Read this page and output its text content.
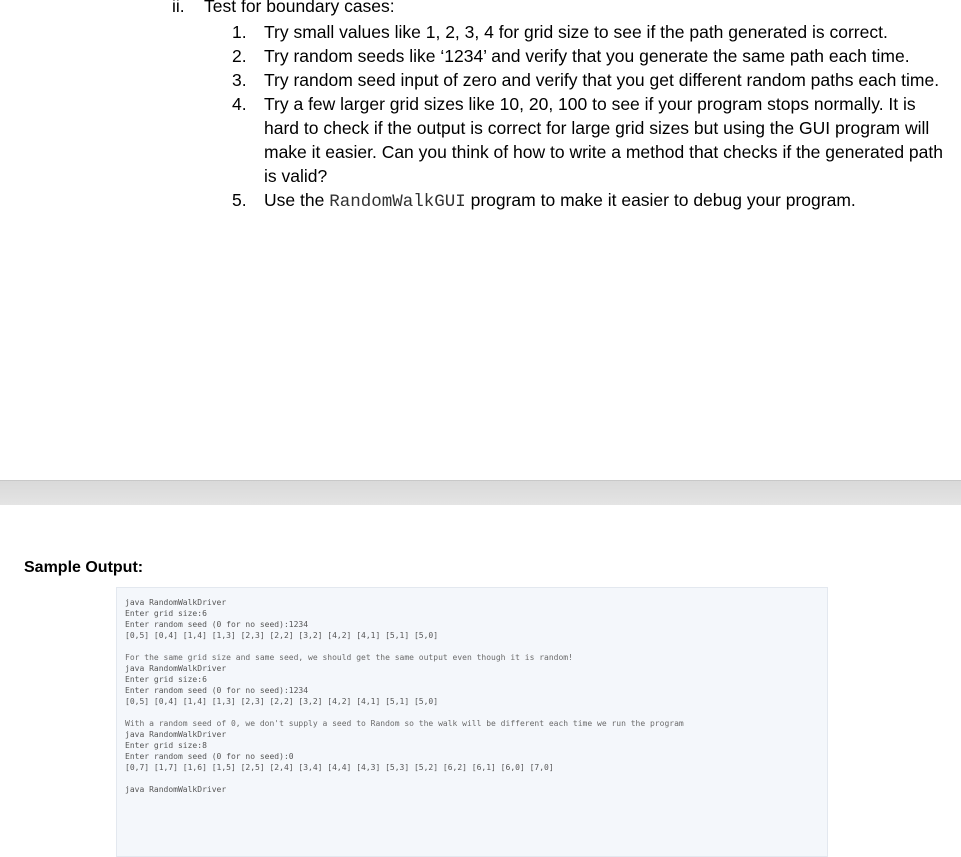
ii. Test for boundary cases:
1. Try small values like 1, 2, 3, 4 for grid size to see if the path generated is correct.
2. Try random seeds like ‘1234’ and verify that you generate the same path each time.
3. Try random seed input of zero and verify that you get different random paths each time.
4. Try a few larger grid sizes like 10, 20, 100 to see if your program stops normally. It is hard to check if the output is correct for large grid sizes but using the GUI program will make it easier. Can you think of how to write a method that checks if the generated path is valid?
5. Use the RandomWalkGUI program to make it easier to debug your program.
Sample Output:
java RandomWalkDriver
Enter grid size:6
Enter random seed (0 for no seed):1234
[0,5] [0,4] [1,4] [1,3] [2,3] [2,2] [3,2] [4,2] [4,1] [5,1] [5,0]
For the same grid size and same seed, we should get the same output even though it is random!
java RandomWalkDriver
Enter grid size:6
Enter random seed (0 for no seed):1234
[0,5] [0,4] [1,4] [1,3] [2,3] [2,2] [3,2] [4,2] [4,1] [5,1] [5,0]
With a random seed of 0, we don't supply a seed to Random so the walk will be different each time we run the program
java RandomWalkDriver
Enter grid size:8
Enter random seed (0 for no seed):0
[0,7] [1,7] [1,6] [1,5] [2,5] [2,4] [3,4] [4,4] [4,3] [5,3] [5,2] [6,2] [6,1] [6,0] [7,0]
java RandomWalkDriver
